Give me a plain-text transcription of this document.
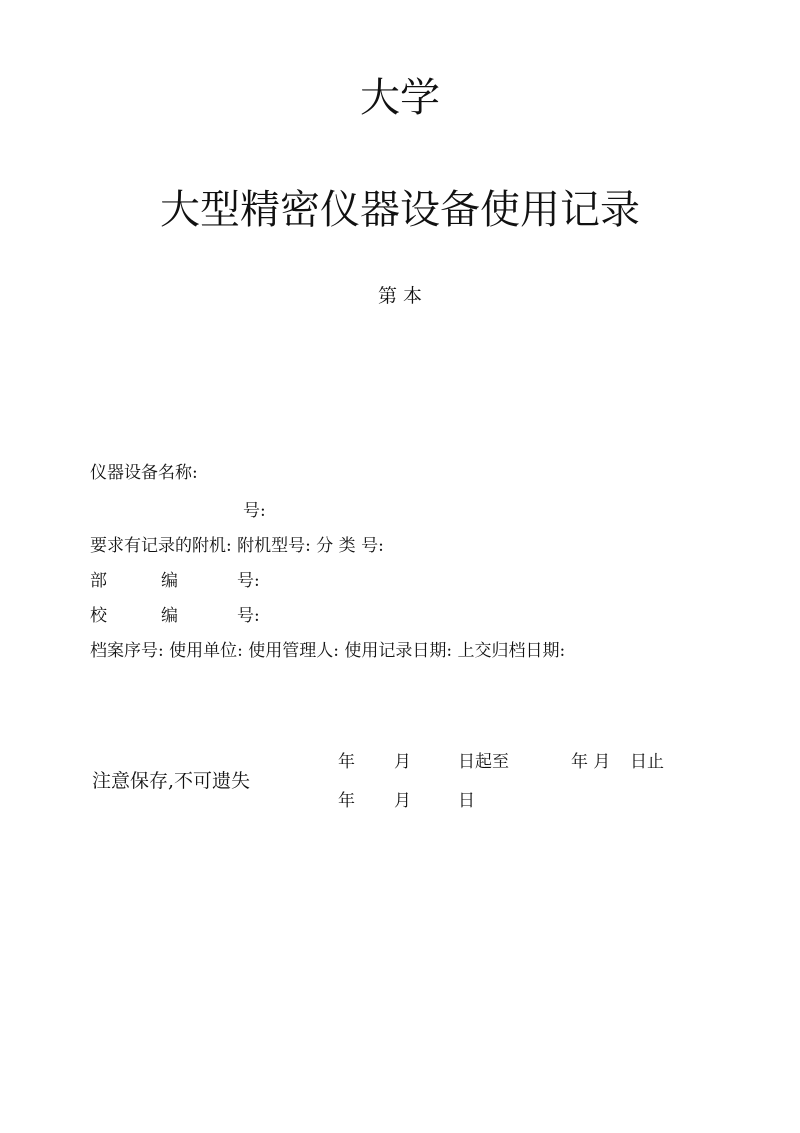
大学
大型精密仪器设备使用记录
第 本
仪器设备名称:
号:
要求有记录的附机: 附机型号: 分 类 号:
部	编	号:
校	编	号:
档案序号: 使用单位: 使用管理人: 使用记录日期: 上交归档日期:
注意保存,不可遗失
年 月	日起至	年 月 日止
年 月	日
